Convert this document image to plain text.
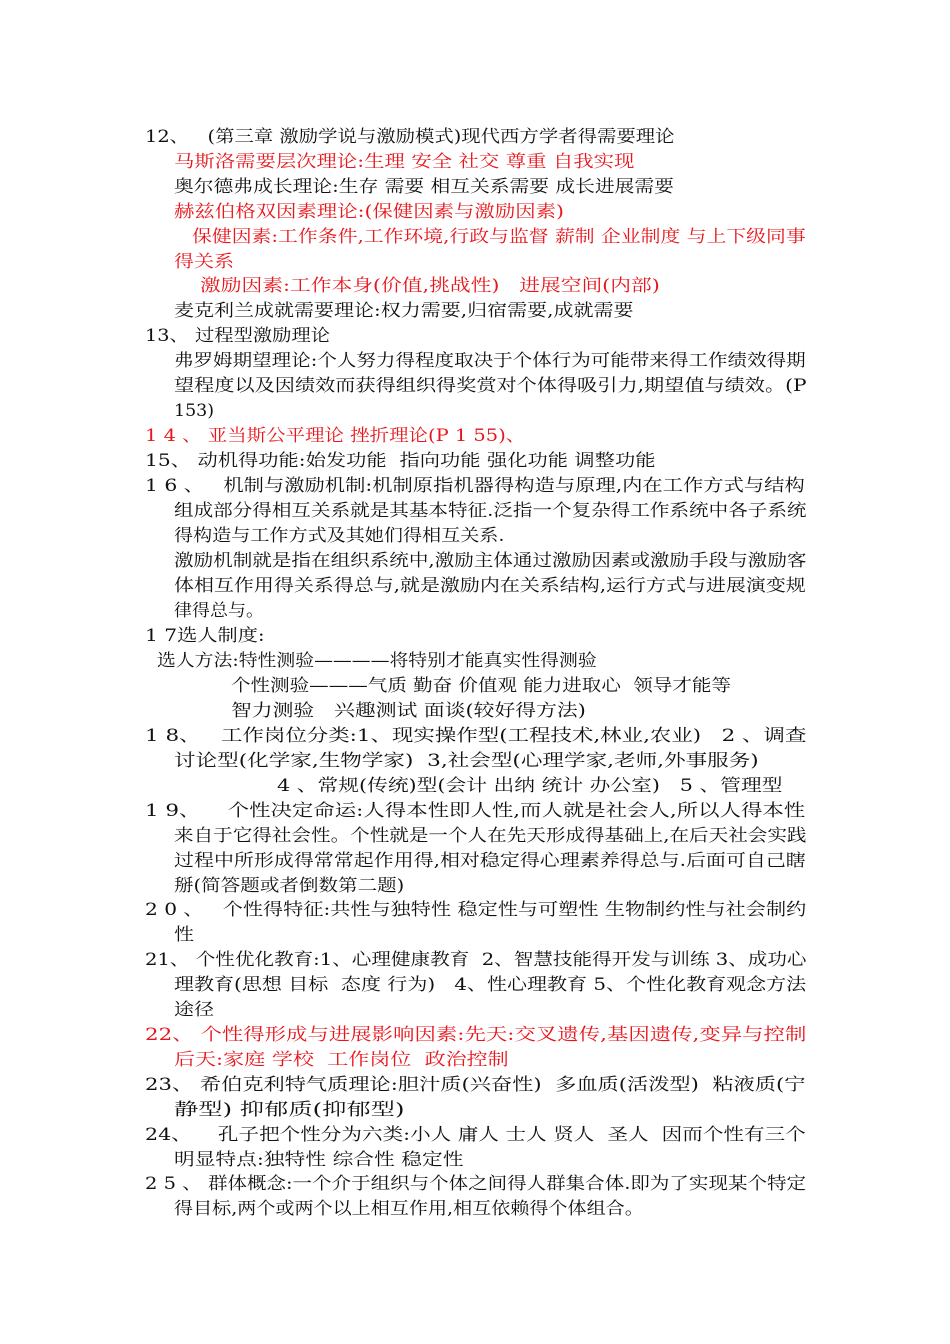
12、   (第三章 激励学说与激励模式)现代西方学者得需要理论

马斯洛需要层次理论:生理 安全 社交 尊重 自我实现

奥尔德弗成长理论:生存 需要 相互关系需要 成长进展需要

赫兹伯格双因素理论:(保健因素与激励因素)

保健因素:工作条件,工作环境,行政与监督 薪制 企业制度 与上下级同事

得关系

激励因素:工作本身(价值,挑战性)   进展空间(内部)

麦克利兰成就需要理论:权力需要,归宿需要,成就需要

13、 过程型激励理论

弗罗姆期望理论:个人努力得程度取决于个体行为可能带来得工作绩效得期

望程度以及因绩效而获得组织得奖赏对个体得吸引力,期望值与绩效。(P

153)

1 4 、 亚当斯公平理论 挫折理论(P 1 55)、

15、 动机得功能:始发功能  指向功能 强化功能 调整功能

1 6 、   机制与激励机制:机制原指机器得构造与原理,内在工作方式与结构

组成部分得相互关系就是其基本特征.泛指一个复杂得工作系统中各子系统

得构造与工作方式及其她们得相互关系.

激励机制就是指在组织系统中,激励主体通过激励因素或激励手段与激励客

体相互作用得关系得总与,就是激励内在关系结构,运行方式与进展演变规

律得总与。

1 7选人制度:

选人方法:特性测验————将特别才能真实性得测验

个性测验———气质 勤奋 价值观 能力进取心  领导才能等

智力测验   兴趣测试 面谈(较好得方法)

1 8、   工作岗位分类:1、现实操作型(工程技术,林业,农业)   2 、调查

讨论型(化学家,生物学家)  3,社会型(心理学家,老师,外事服务)

4 、常规(传统)型(会计 出纳 统计 办公室)   5 、管理型

1 9、    个性决定命运:人得本性即人性,而人就是社会人,所以人得本性

来自于它得社会性。个性就是一个人在先天形成得基础上,在后天社会实践

过程中所形成得常常起作用得,相对稳定得心理素养得总与.后面可自己瞎

掰(简答题或者倒数第二题)

2 0 、   个性得特征:共性与独特性 稳定性与可塑性 生物制约性与社会制约

性

21、 个性优化教育:1、心理健康教育  2、智慧技能得开发与训练 3、成功心

理教育(思想 目标  态度 行为)   4、性心理教育 5、个性化教育观念方法

途径

22、 个性得形成与进展影响因素:先天:交叉遗传,基因遗传,变异与控制

后天:家庭 学校  工作岗位  政治控制

23、 希伯克利特气质理论:胆汁质(兴奋性)  多血质(活泼型)  粘液质(宁

静型) 抑郁质(抑郁型)

24、    孔子把个性分为六类:小人 庸人 士人 贤人  圣人  因而个性有三个

明显特点:独特性 综合性 稳定性

2 5 、 群体概念:一个介于组织与个体之间得人群集合体.即为了实现某个特定

得目标,两个或两个以上相互作用,相互依赖得个体组合。
